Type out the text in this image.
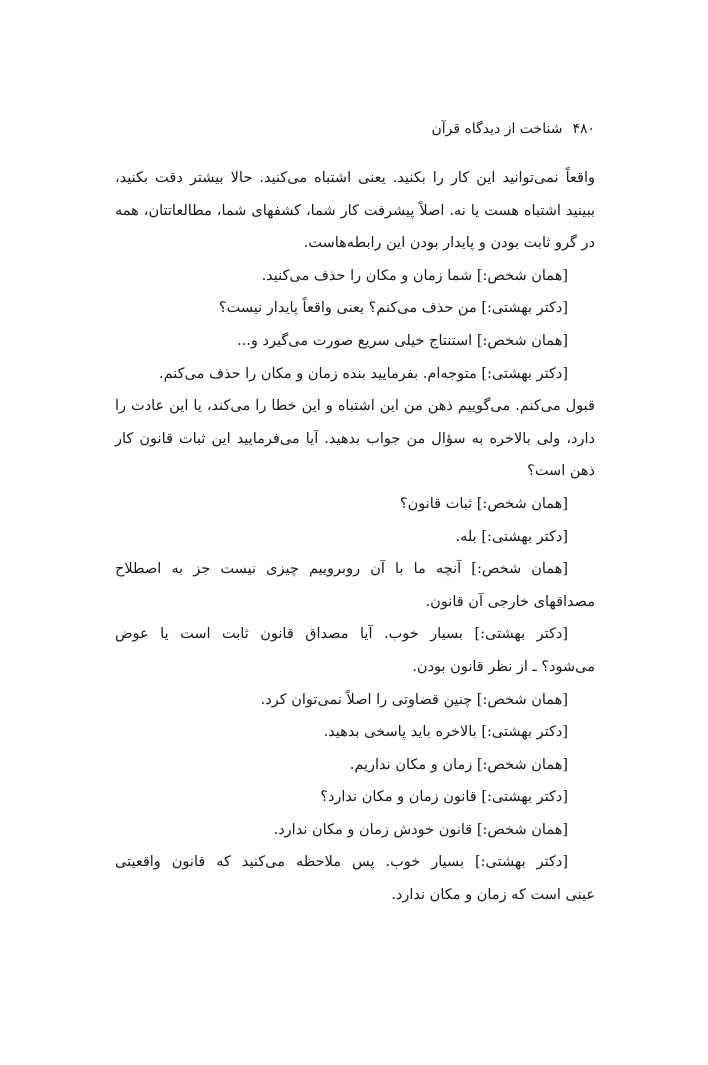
۴۸۰
شناخت از دیدگاه قرآن

واقعاً نمی‌توانید این کار را بکنید. یعنی اشتباه می‌کنید. حالا بیشتر دقت بکنید، ببینید اشتباه هست یا نه. اصلاً پیشرفت کار شما، کشفهای شما، مطالعاتتان، همه در گرو ثابت بودن و پایدار بودن این رابطه‌هاست.

[همان شخص:] شما زمان و مکان را حذف می‌کنید.

[دکتر بهشتی:] من حذف می‌کنم؟ یعنی واقعاً پایدار نیست؟

[همان شخص:] استنتاج خیلی سریع صورت می‌گیرد و...

[دکتر بهشتی:] متوجه‌ام. بفرمایید بنده زمان و مکان را حذف می‌کنم.

قبول می‌کنم. می‌گوییم ذهن من این اشتباه و این خطا را می‌کند، یا این عادت را دارد، ولی بالاخره به سؤال من جواب بدهید. آیا می‌فرمایید این ثبات قانون کار ذهن است؟

[همان شخص:] ثبات قانون؟

[دکتر بهشتی:] بله.

[همان شخص:] آنچه ما با آن روبروییم چیزی نیست جز به اصطلاح
مصداقهای خارجی آن قانون.

[دکتر بهشتی:] بسیار خوب. آیا مصداق قانون ثابت است یا عوض
می‌شود؟ ـ از نظر قانون بودن.

[همان شخص:] چنین قضاوتی را اصلاً نمی‌توان کرد.

[دکتر بهشتی:] بالاخره باید پاسخی بدهید.

[همان شخص:] زمان و مکان نداریم.

[دکتر بهشتی:] قانون زمان و مکان ندارد؟

[همان شخص:] قانون خودش زمان و مکان ندارد.

[دکتر بهشتی:] بسیار خوب. پس ملاحظه می‌کنید که قانون واقعیتی
عینی است که زمان و مکان ندارد.
